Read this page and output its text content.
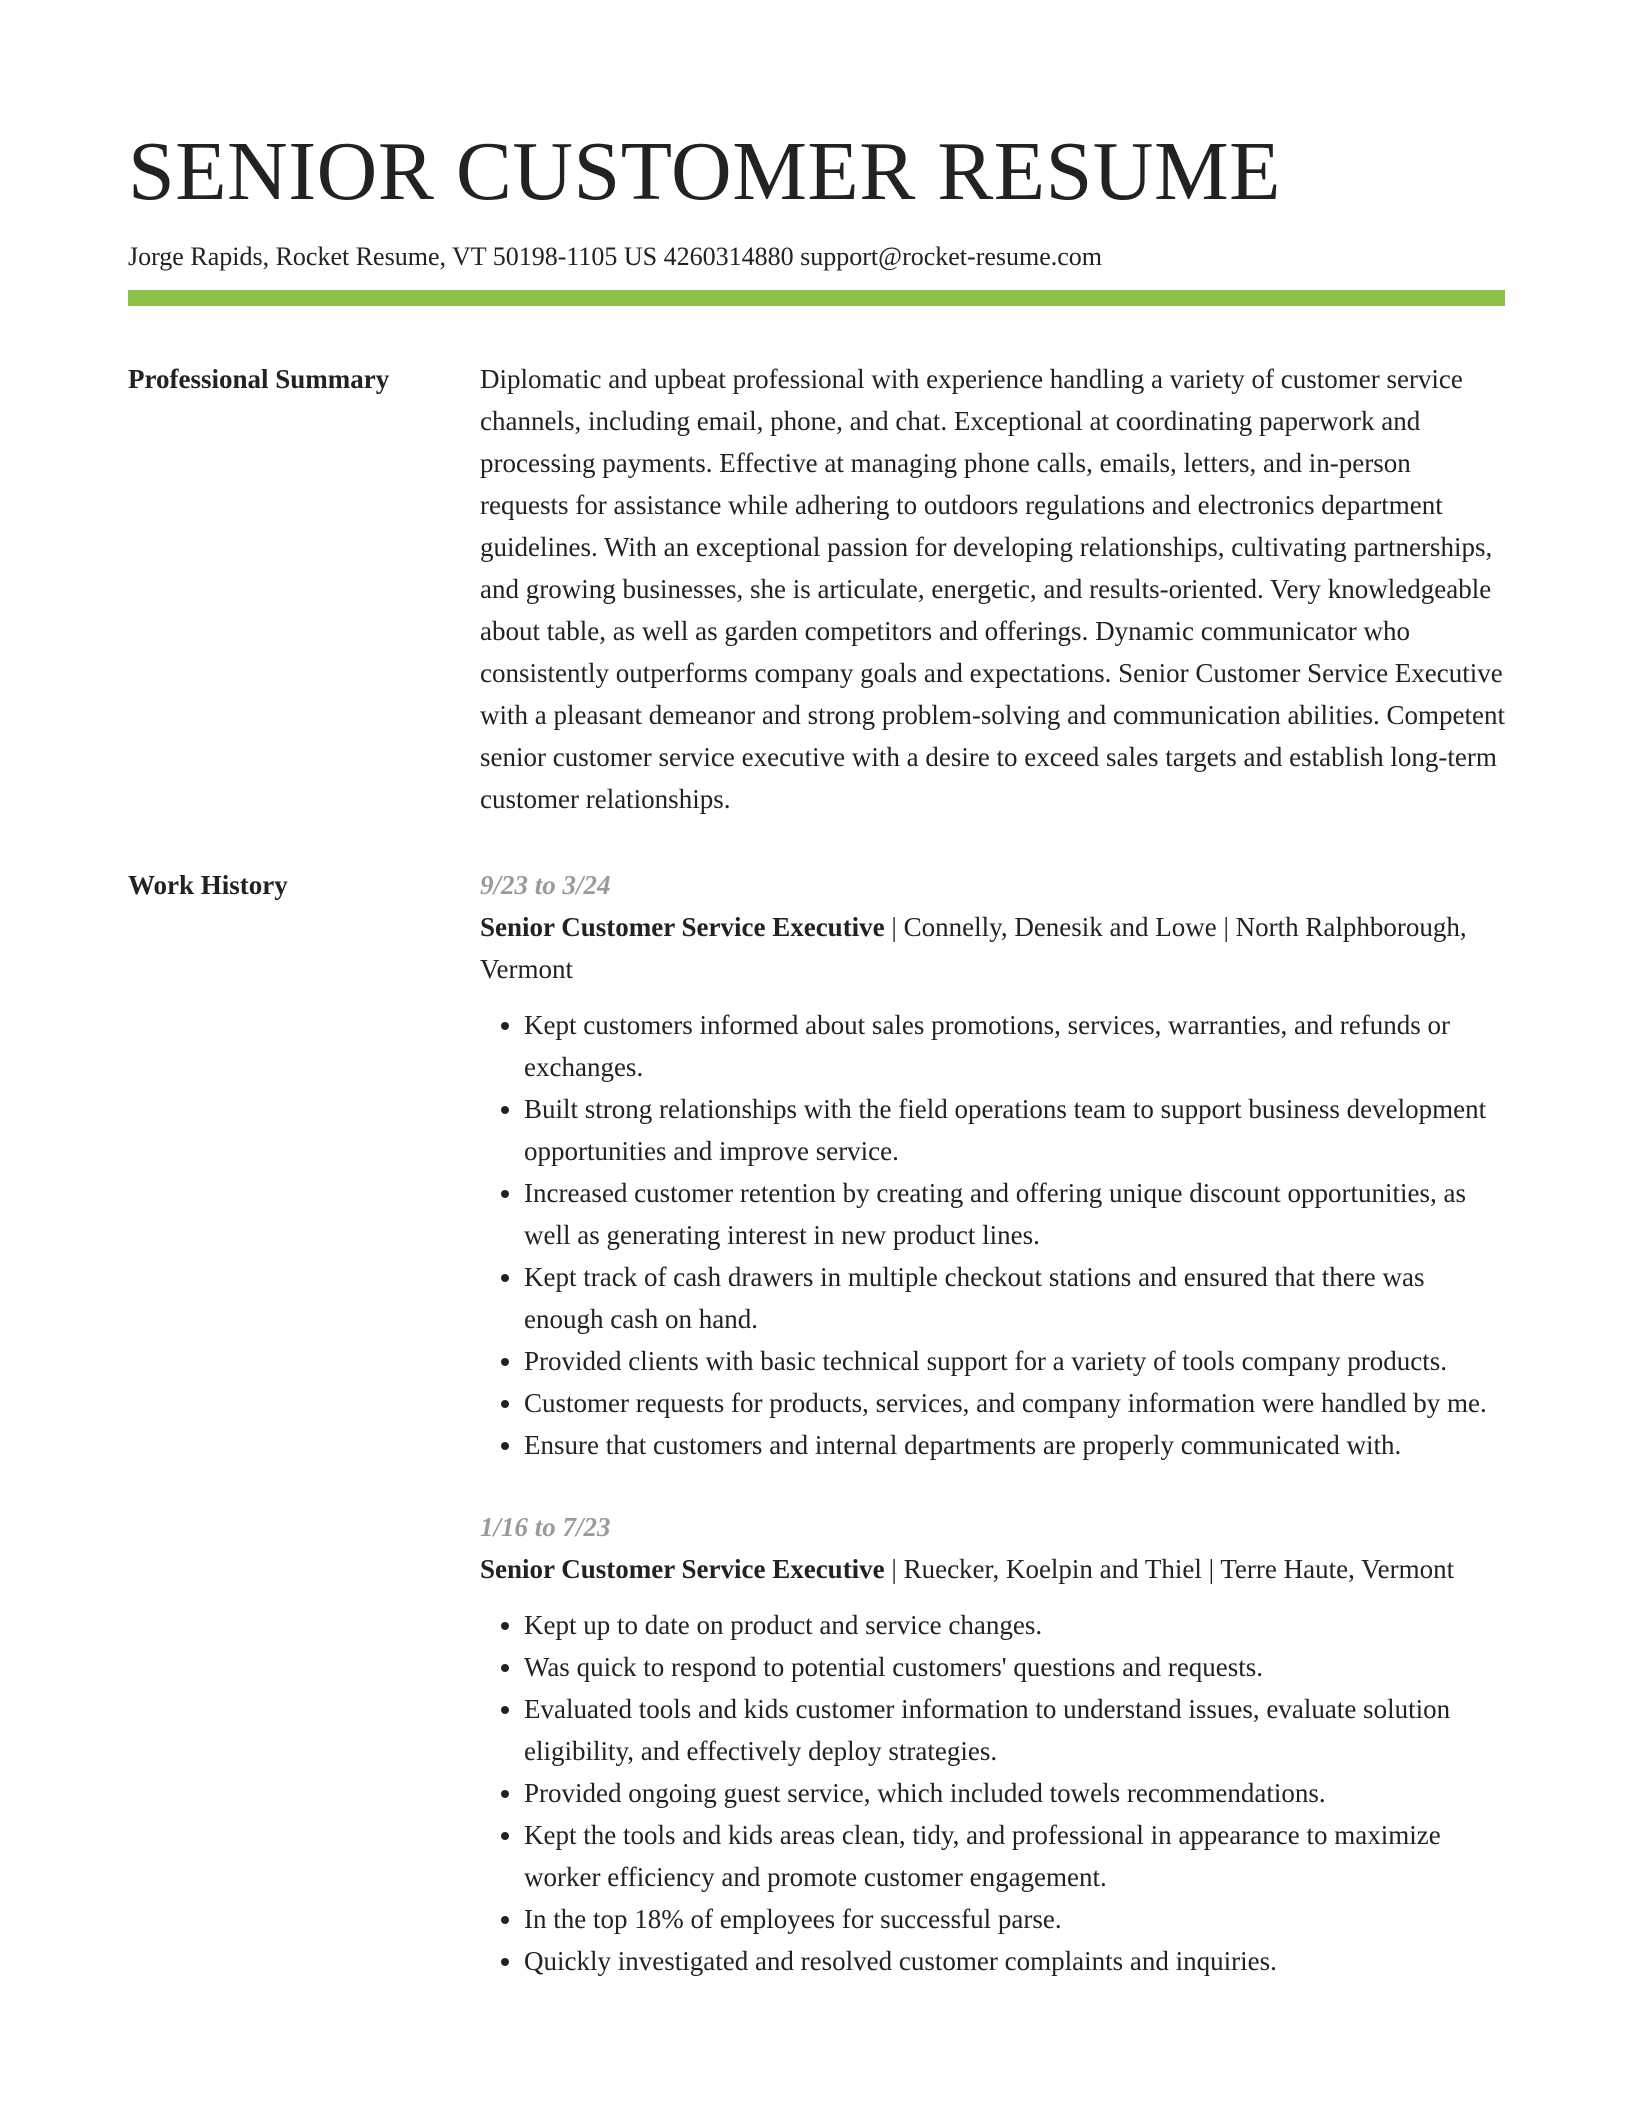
SENIOR CUSTOMER RESUME
Jorge Rapids, Rocket Resume, VT 50198-1105 US 4260314880 support@rocket-resume.com
Professional Summary	Diplomatic and upbeat professional with experience handling a variety of customer service channels, including email, phone, and chat. Exceptional at coordinating paperwork and processing payments. Effective at managing phone calls, emails, letters, and in-person requests for assistance while adhering to outdoors regulations and electronics department guidelines. With an exceptional passion for developing relationships, cultivating partnerships, and growing businesses, she is articulate, energetic, and results-oriented. Very knowledgeable about table, as well as garden competitors and offerings. Dynamic communicator who consistently outperforms company goals and expectations. Senior Customer Service Executive with a pleasant demeanor and strong problem-solving and communication abilities. Competent senior customer service executive with a desire to exceed sales targets and establish long-term customer relationships.

Work History	9/23 to 3/24
Senior Customer Service Executive | Connelly, Denesik and Lowe | North Ralphborough, Vermont
• Kept customers informed about sales promotions, services, warranties, and refunds or exchanges.
• Built strong relationships with the field operations team to support business development opportunities and improve service.
• Increased customer retention by creating and offering unique discount opportunities, as well as generating interest in new product lines.
• Kept track of cash drawers in multiple checkout stations and ensured that there was enough cash on hand.
• Provided clients with basic technical support for a variety of tools company products.
• Customer requests for products, services, and company information were handled by me.
• Ensure that customers and internal departments are properly communicated with.
1/16 to 7/23
Senior Customer Service Executive | Ruecker, Koelpin and Thiel | Terre Haute, Vermont
• Kept up to date on product and service changes.
• Was quick to respond to potential customers' questions and requests.
• Evaluated tools and kids customer information to understand issues, evaluate solution eligibility, and effectively deploy strategies.
• Provided ongoing guest service, which included towels recommendations.
• Kept the tools and kids areas clean, tidy, and professional in appearance to maximize worker efficiency and promote customer engagement.
• In the top 18% of employees for successful parse.
• Quickly investigated and resolved customer complaints and inquiries.
